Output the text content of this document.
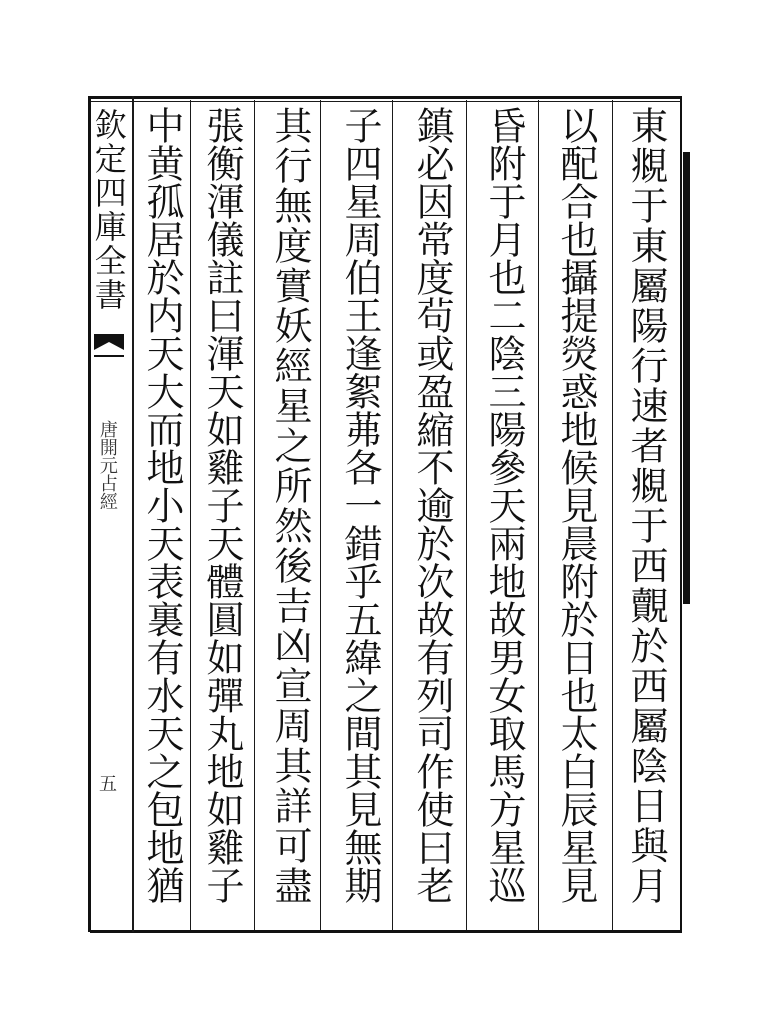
欽定四庫全書
唐開元占經
五	東覜于東屬陽行速者覜于西覿於西屬陰日與月
以配合也攝提熒惑地候見晨附於日也太白辰星見
昏附于月也二陰三陽參天兩地故男女取馬方星巡
鎮必因常度茍或盈縮不逾於次故有列司作使曰老
子四星周伯王逢絮茀各一錯乎五緯之間其見無期
其行無度實妖經星之所然後吉凶宣周其詳可盡
張衡渾儀註曰渾天如雞子天體圓如彈丸地如雞子
中黄孤居於内天大而地小天表裏有水天之包地猶
